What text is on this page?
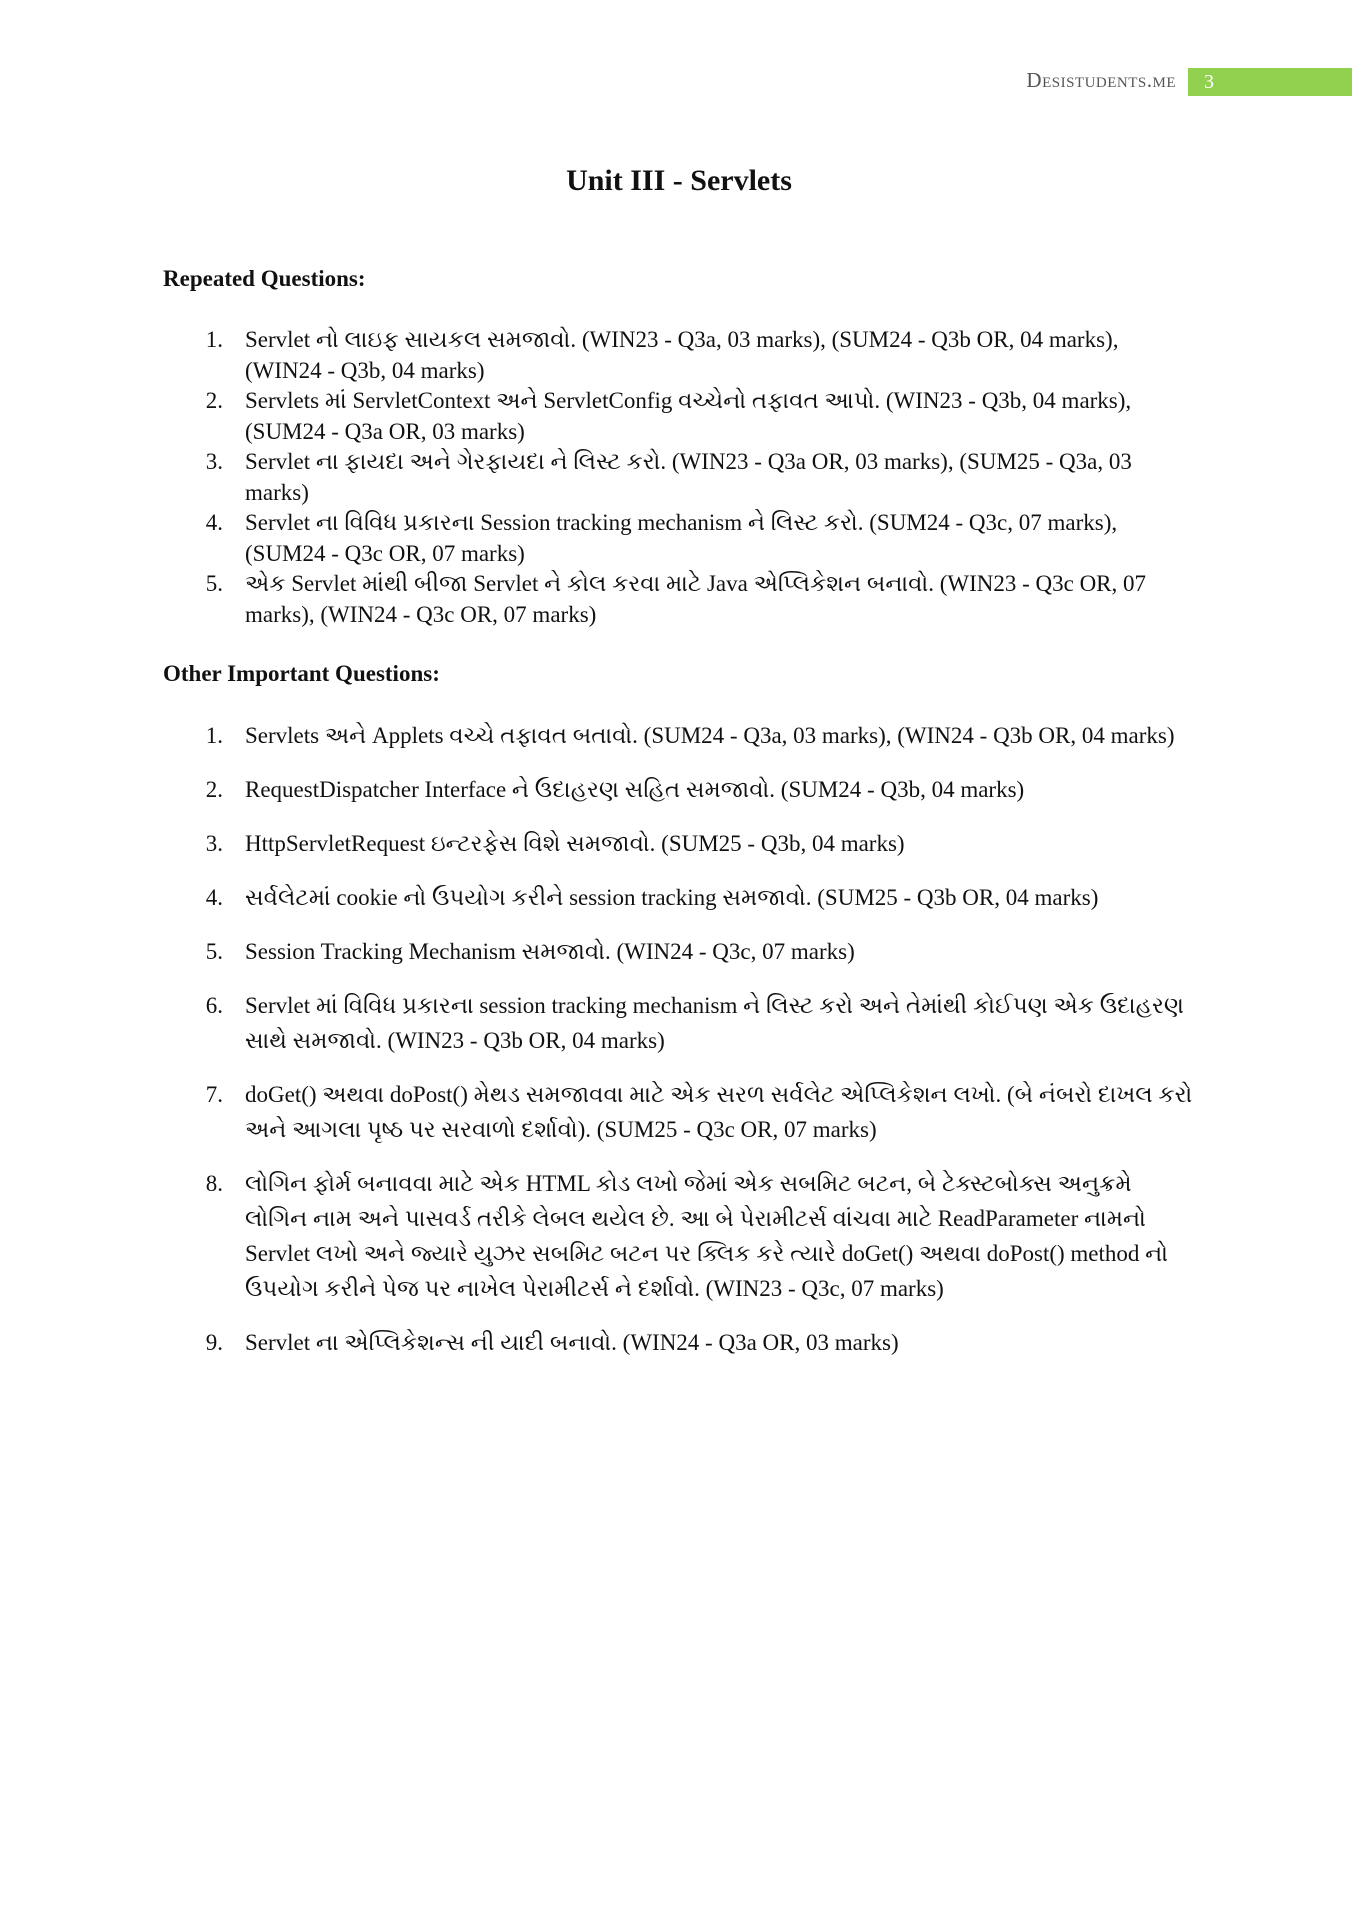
Desistudents.me	3
Unit III - Servlets
Repeated Questions:
1. Servlet નો લાઇફ સાયકલ સમજાવો. (WIN23 - Q3a, 03 marks), (SUM24 - Q3b OR, 04 marks), (WIN24 - Q3b, 04 marks)
2. Servlets માં ServletContext અને ServletConfig વચ્ચેનો તફાવત આપો. (WIN23 - Q3b, 04 marks), (SUM24 - Q3a OR, 03 marks)
3. Servlet ના ફાયદા અને ગેરફાયદા ને લિસ્ટ કરો. (WIN23 - Q3a OR, 03 marks), (SUM25 - Q3a, 03 marks)
4. Servlet ના વિવિધ પ્રકારના Session tracking mechanism ને લિસ્ટ કરો. (SUM24 - Q3c, 07 marks), (SUM24 - Q3c OR, 07 marks)
5. એક Servlet માંથી બીજા Servlet ને કોલ કરવા માટે Java એપ્લિકેશન બનાવો. (WIN23 - Q3c OR, 07 marks), (WIN24 - Q3c OR, 07 marks)
Other Important Questions:
1. Servlets અને Applets વચ્ચે તફાવત બતાવો. (SUM24 - Q3a, 03 marks), (WIN24 - Q3b OR, 04 marks)
2. RequestDispatcher Interface ને ઉદાહરણ સહિત સમજાવો. (SUM24 - Q3b, 04 marks)
3. HttpServletRequest ઇન્ટરફેસ વિશે સમજાવો. (SUM25 - Q3b, 04 marks)
4. સર્વલેટમાં cookie નો ઉપયોગ કરીને session tracking સમજાવો. (SUM25 - Q3b OR, 04 marks)
5. Session Tracking Mechanism સમજાવો. (WIN24 - Q3c, 07 marks)
6. Servlet માં વિવિધ પ્રકારના session tracking mechanism ને લિસ્ટ કરો અને તેમાંથી કોઈપણ એક ઉદાહરણ સાથે સમજાવો. (WIN23 - Q3b OR, 04 marks)
7. doGet() અથવા doPost() મેથડ સમજાવવા માટે એક સરળ સર્વલેટ એપ્લિકેશન લખો. (બે નંબરો દાખલ કરો અને આગલા પૃષ્ઠ પર સરવાળો દર્શાવો). (SUM25 - Q3c OR, 07 marks)
8. લોગિન ફોર્મ બનાવવા માટે એક HTML કોડ લખો જેમાં એક સબમિટ બટન, બે ટેક્સ્ટબોક્સ અનુક્રમે લોગિન નામ અને પાસવર્ડ તરીકે લેબલ થયેલ છે. આ બે પેરામીટર્સ વાંચવા માટે ReadParameter નામનો Servlet લખો અને જ્યારે યુઝર સબમિટ બટન પર ક્લિક કરે ત્યારે doGet() અથવા doPost() method નો ઉપયોગ કરીને પેજ પર નાખેલ પેરામીટર્સ ને દર્શાવો. (WIN23 - Q3c, 07 marks)
9. Servlet ના એપ્લિકેશન્સ ની યાદી બનાવો. (WIN24 - Q3a OR, 03 marks)
